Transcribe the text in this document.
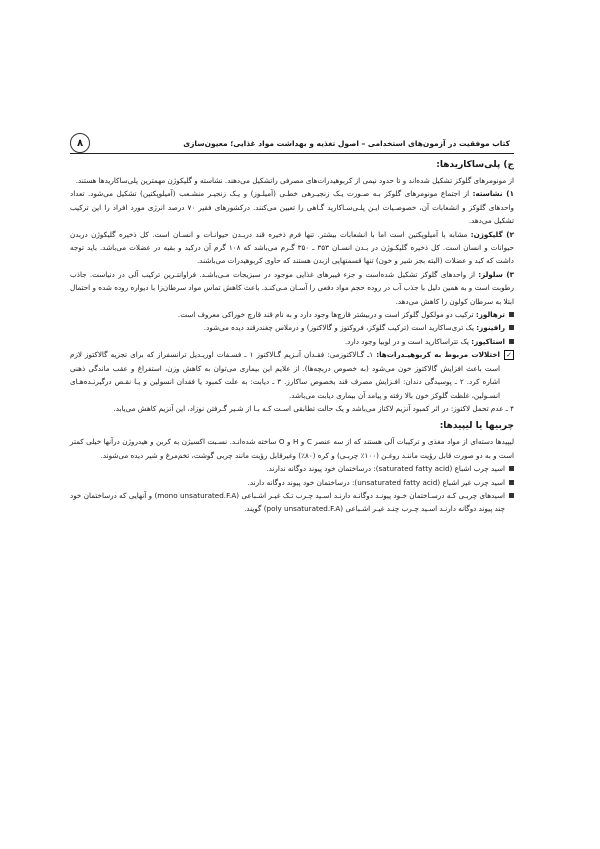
کتاب موفقیت در آزمون‌های استخدامی – اصول تغذیه و بهداشت مواد غذایی؛ معیون‌سازی
۸
ج) پلی‌ساکاریدها:

از مونومرهای گلوکز تشکیل شده‌اند و تا حدود نیمی از کربوهیدرات‌های مصرفی راتشکیل می‌دهند. نشاسته و گلیکوژن مهمترین پلی‌ساکاریدها هستند.

۱) نشاسته: از اجتماع مونومرهای گلوکز بـه صـورت یـک زنجیـرهی خطـی (آمیلـوز) و یـک زنجیـر منشـعب (آمیلوپکتین) تشکیل می‌شود. تعداد واحدهای گلوکز و انشعابات آن، خصوصـیات ایـن پلـی‌سـاکارید گـاهی را تعیین می‌کنند. درکشورهای فقیر ۷۰ درصد انرژی مورد افراد را این ترکیب تشکیل می‌دهد.

۲) گلیکوژن: مشابه با آمیلوپکتین است اما با انشعابات بیشتر. تنها فرم ذخیره قند دربـدن حیوانـات و انسـان است. کل ذخیره گلیکوژن دربدن حیوانات و انسان است. کل ذخیره گلیکـوژن در بـدن انسـان ۳۵۳ ـ ۳۵۰ گـرم می‌باشد که ۱۰۸ گرم آن درکبد و بقیه در عضلات می‌باشد. باید توجه داشت که کبد و عضلات (البته بجز شیر و خون) تنها قسمتهایی ازبدن هستند که حاوی کربوهیدرات می‌باشند.

۳) سلولز: از واحدهای گلوکز تشکیل شده‌است و جزء فیبرهای غذایی موجود در سبزیجات مـی‌باشـد. فراوانتـرین ترکیب آلی در دنیاست. جاذب رطوبت است و به همین دلیل با جذب آب در روده حجم مواد دفعی را آسـان مـی‌کنـد. باعث کاهش تماس مواد سرطان‌زا با دیواره روده شده و احتمال ابتلا به سرطان کولون را کاهش می‌دهد.

ترهالوز: ترکیب دو مولکول گلوکز است و دربیشتر قارچ‌ها وجود دارد و به نام قند قارچ خوراکی معروف است.
رافینوز: یک تری‌ساکارید است (ترکیب گلوکز، فروکتوز و گالاکتوز) و درملاس چغندرقند دیده می‌شود.
استاکیوز: یک تتراساکارید است و در لوبیا وجود دارد.
✓
اختلالات مربوط به کربوهیـدرات‌ها: ۱ـ گـالاکتوزمی: فقـدان آنـزیم گـالاکتوز ۱ ـ فسـفات اوریـدیل ترانسفراز که برای تجزیه گالاکتوز لازم است باعث افزایش گالاکتوز خون می‌شود (به خصوص دربچه‌ها). از علایم این بیماری می‌توان به کاهش وزن، استفراغ و عقب ماندگی ذهنی اشاره کرد. ۲ ـ پوسیدگی دندان: افـزایش مصرف قند بخصوص ساکارز. ۳ ـ دیابت: به علت کمبود یا فقدان انسولین و یـا نقـص درگیرنـده‌هـای انسـولین، غلظت گلوکز خون بالا رفته و پیامد آن بیماری دیابت می‌باشد.

۴ ـ عدم تحمل لاکتوز: در اثر کمبود آنزیم لاکتاز می‌باشد و یک حالت تطابقی اسـت کـه بـا از شـیر گـرفتن نوزاد، این آنزیم کاهش می‌یابد.

چربیها یا لیپیدها:

لیپیدها دسته‌ای از مواد مغذی و ترکیبات آلی هستند که از سه عنصر C و H و O ساخته شده‌انـد. نسـبت اکسیژن به کربن و هیدروژن درآنها خیلی کمتر است و به دو صورت قابل رؤیت ماننـد روغـن (۱۰۰٪ چربـی) و کره (۸۰٪) وغیرقابل رؤیت مانند چربی گوشت، تخم‌مرغ و شیر دیده می‌شوند.

اسید چرب اشباع (saturated fatty acid): درساختمان خود پیوند دوگانه ندارند.
اسید چرب غیر اشباع (unsaturated fatty acid): درساختمان خود پیوند دوگانه دارند.
اسیدهای چربـی کـه درسـاختمان خـود پیونـد دوگانـه دارنـد اسـید چـرب تـک غیـر اشـباعی (mono unsaturated.F.A) و آنهایی که درساختمان خود چند پیوند دوگانه دارنـد اسـید چـرب چنـد غیـر اشـباعی (poly unsaturated.F.A) گویند.
